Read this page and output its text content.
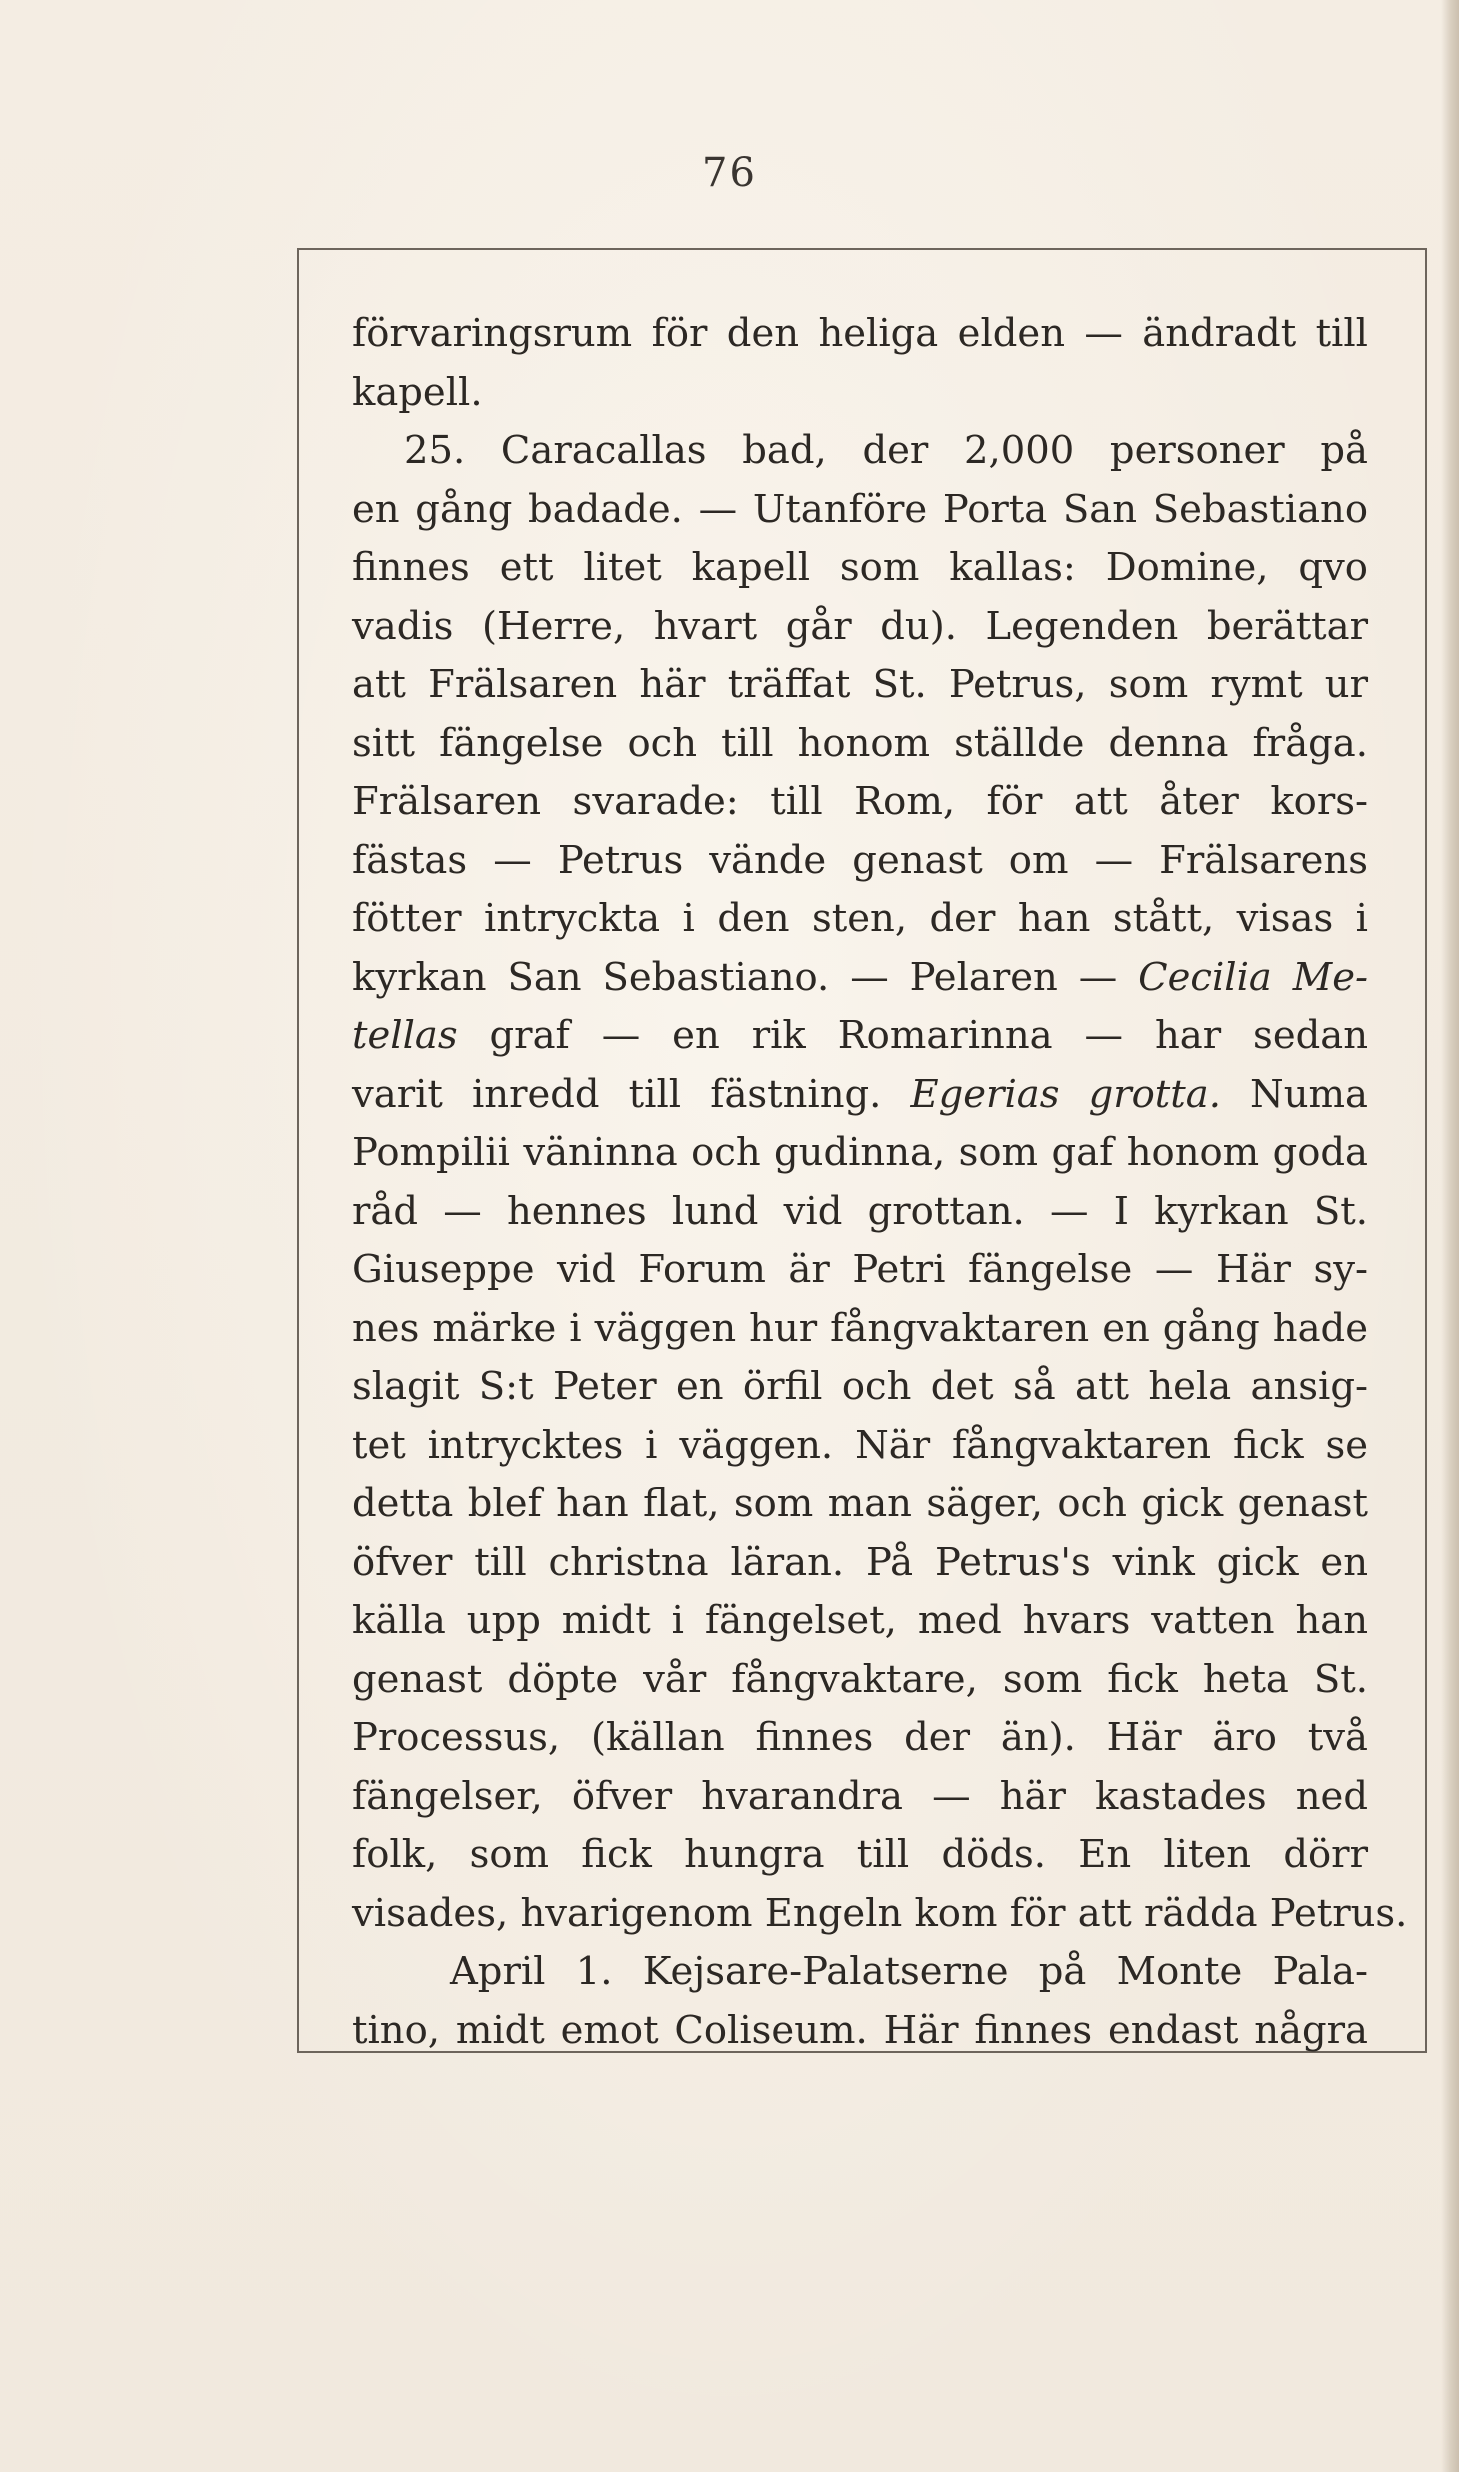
76
förvaringsrum för den heliga elden — ändradt till
kapell.
25. Caracallas bad, der 2,000 personer på
en gång badade. — Utanföre Porta San Sebastiano
finnes ett litet kapell som kallas: Domine, qvo
vadis (Herre, hvart går du). Legenden berättar
att Frälsaren här träffat St. Petrus, som rymt ur
sitt fängelse och till honom ställde denna fråga.
Frälsaren svarade: till Rom, för att åter kors-
fästas — Petrus vände genast om — Frälsarens
fötter intryckta i den sten, der han stått, visas i
kyrkan San Sebastiano. — Pelaren — Cecilia Me-
tellas graf — en rik Romarinna — har sedan
varit inredd till fästning. Egerias grotta. Numa
Pompilii väninna och gudinna, som gaf honom goda
råd — hennes lund vid grottan. — I kyrkan St.
Giuseppe vid Forum är Petri fängelse — Här sy-
nes märke i väggen hur fångvaktaren en gång hade
slagit S:t Peter en örfil och det så att hela ansig-
tet intrycktes i väggen. När fångvaktaren fick se
detta blef han flat, som man säger, och gick genast
öfver till christna läran. På Petrus's vink gick en
källa upp midt i fängelset, med hvars vatten han
genast döpte vår fångvaktare, som fick heta St.
Processus, (källan finnes der än). Här äro två
fängelser, öfver hvarandra — här kastades ned
folk, som fick hungra till döds. En liten dörr
visades, hvarigenom Engeln kom för att rädda Petrus.
April 1. Kejsare-Palatserne på Monte Pala-
tino, midt emot Coliseum. Här finnes endast några
